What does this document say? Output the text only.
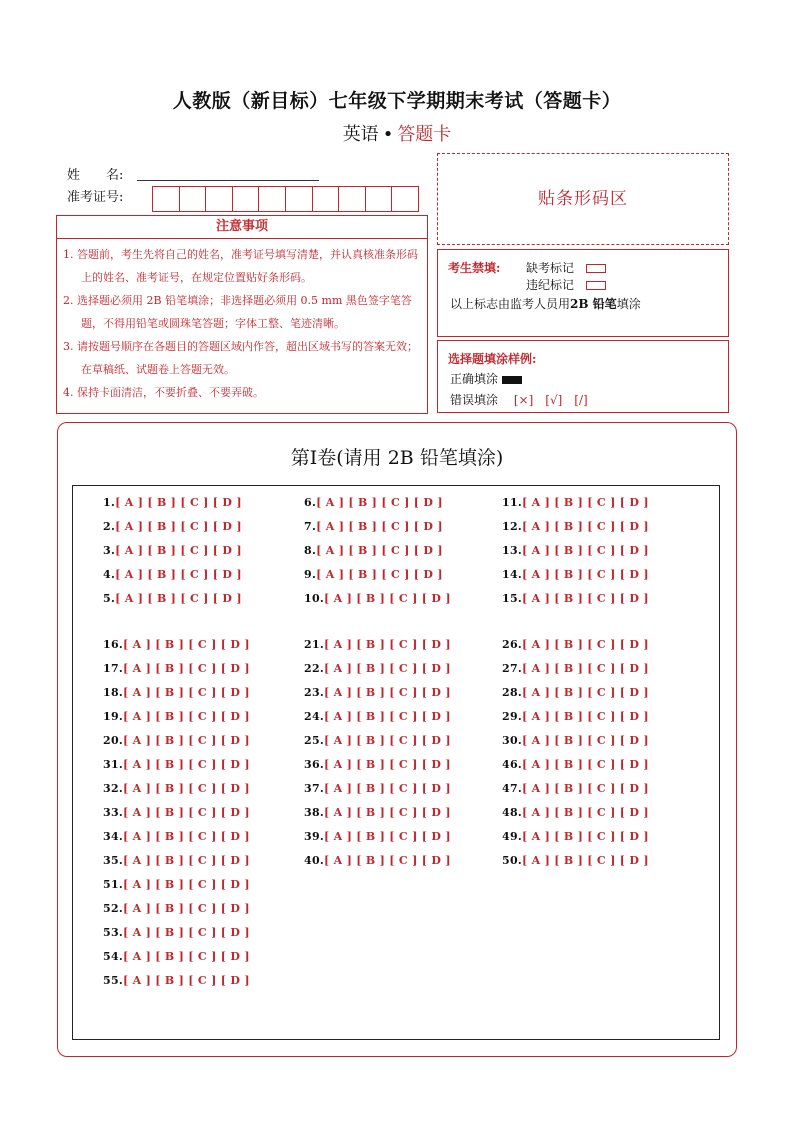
人教版（新目标）七年级下学期期末考试（答题卡）
英语 • 答题卡
姓　　名:
准考证号:
注意事项
1. 答题前，考生先将自己的姓名，准考证号填写清楚，并认真核准条形码上的姓名、准考证号，在规定位置贴好条形码。
2. 选择题必须用 2B 铅笔填涂；非选择题必须用 0.5 mm 黑色签字笔答题，不得用铅笔或圆珠笔答题；字体工整、笔迹清晰。
3. 请按题号顺序在各题目的答题区域内作答，超出区域书写的答案无效；在草稿纸、试题卷上答题无效。
4. 保持卡面清洁，不要折叠、不要弄破。
贴条形码区
考生禁填: 缺考标记
违纪标记
以上标志由监考人员用2B 铅笔填涂
选择题填涂样例:
正确填涂
错误填涂 [×]　[√]　[/]
第Ⅰ卷(请用 2B 铅笔填涂)
1.[ A ] [ B ] [ C ] [ D ]
2.[ A ] [ B ] [ C ] [ D ]
3.[ A ] [ B ] [ C ] [ D ]
4.[ A ] [ B ] [ C ] [ D ]
5.[ A ] [ B ] [ C ] [ D ]
16.[ A ] [ B ] [ C ] [ D ]
17.[ A ] [ B ] [ C ] [ D ]
18.[ A ] [ B ] [ C ] [ D ]
19.[ A ] [ B ] [ C ] [ D ]
20.[ A ] [ B ] [ C ] [ D ]
31.[ A ] [ B ] [ C ] [ D ]
32.[ A ] [ B ] [ C ] [ D ]
33.[ A ] [ B ] [ C ] [ D ]
34.[ A ] [ B ] [ C ] [ D ]
35.[ A ] [ B ] [ C ] [ D ]
51.[ A ] [ B ] [ C ] [ D ]
52.[ A ] [ B ] [ C ] [ D ]
53.[ A ] [ B ] [ C ] [ D ]
54.[ A ] [ B ] [ C ] [ D ]
55.[ A ] [ B ] [ C ] [ D ]
6.[ A ] [ B ] [ C ] [ D ]
7.[ A ] [ B ] [ C ] [ D ]
8.[ A ] [ B ] [ C ] [ D ]
9.[ A ] [ B ] [ C ] [ D ]
10.[ A ] [ B ] [ C ] [ D ]
21.[ A ] [ B ] [ C ] [ D ]
22.[ A ] [ B ] [ C ] [ D ]
23.[ A ] [ B ] [ C ] [ D ]
24.[ A ] [ B ] [ C ] [ D ]
25.[ A ] [ B ] [ C ] [ D ]
36.[ A ] [ B ] [ C ] [ D ]
37.[ A ] [ B ] [ C ] [ D ]
38.[ A ] [ B ] [ C ] [ D ]
39.[ A ] [ B ] [ C ] [ D ]
40.[ A ] [ B ] [ C ] [ D ]
11.[ A ] [ B ] [ C ] [ D ]
12.[ A ] [ B ] [ C ] [ D ]
13.[ A ] [ B ] [ C ] [ D ]
14.[ A ] [ B ] [ C ] [ D ]
15.[ A ] [ B ] [ C ] [ D ]
26.[ A ] [ B ] [ C ] [ D ]
27.[ A ] [ B ] [ C ] [ D ]
28.[ A ] [ B ] [ C ] [ D ]
29.[ A ] [ B ] [ C ] [ D ]
30.[ A ] [ B ] [ C ] [ D ]
46.[ A ] [ B ] [ C ] [ D ]
47.[ A ] [ B ] [ C ] [ D ]
48.[ A ] [ B ] [ C ] [ D ]
49.[ A ] [ B ] [ C ] [ D ]
50.[ A ] [ B ] [ C ] [ D ]
